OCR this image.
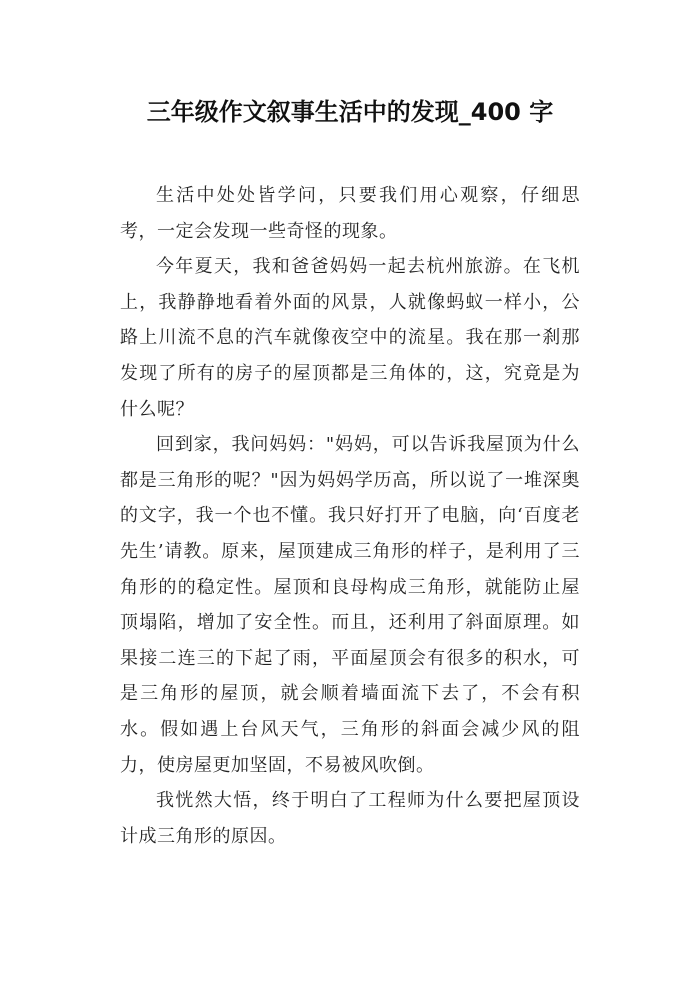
三年级作文叙事生活中的发现_400 字

生活中处处皆学问，只要我们用心观察，仔细思考，一定会发现一些奇怪的现象。

今年夏天，我和爸爸妈妈一起去杭州旅游。在飞机上，我静静地看着外面的风景，人就像蚂蚁一样小，公路上川流不息的汽车就像夜空中的流星。我在那一刹那发现了所有的房子的屋顶都是三角体的，这，究竟是为什么呢？

回到家，我问妈妈："妈妈，可以告诉我屋顶为什么都是三角形的呢？"因为妈妈学历高，所以说了一堆深奥的文字，我一个也不懂。我只好打开了电脑，向‘百度老先生’请教。原来，屋顶建成三角形的样子，是利用了三角形的的稳定性。屋顶和良母构成三角形，就能防止屋顶塌陷，增加了安全性。而且，还利用了斜面原理。如果接二连三的下起了雨，平面屋顶会有很多的积水，可是三角形的屋顶，就会顺着墙面流下去了，不会有积水。假如遇上台风天气，三角形的斜面会减少风的阻力，使房屋更加坚固，不易被风吹倒。

我恍然大悟，终于明白了工程师为什么要把屋顶设计成三角形的原因。
